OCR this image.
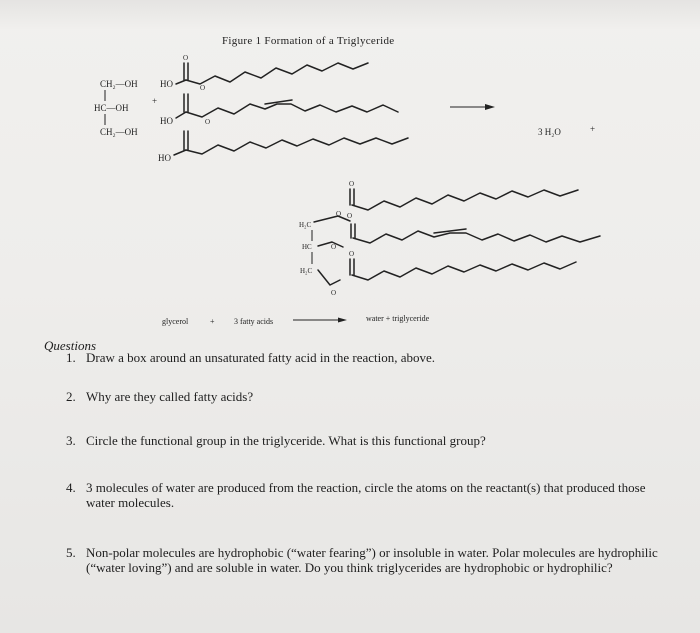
Figure 1 Formation of a Triglyceride
CH₂—OH
HC—OH
CH₂—OH
+
HO
O
O
HO	O
HO
3 H₂O	+
H₂C
HC
H₂C
O O
O
O
O
O
glycerol	+ 3 fatty acids	water + triglyceride
Questions
1. Draw a box around an unsaturated fatty acid in the reaction, above.
2. Why are they called fatty acids?
3. Circle the functional group in the triglyceride. What is this functional group?
4. 3 molecules of water are produced from the reaction, circle the atoms on the reactant(s) that produced those water molecules.
5. Non-polar molecules are hydrophobic (“water fearing”) or insoluble in water. Polar molecules are hydrophilic (“water loving”) and are soluble in water. Do you think triglycerides are hydrophobic or hydrophilic?
